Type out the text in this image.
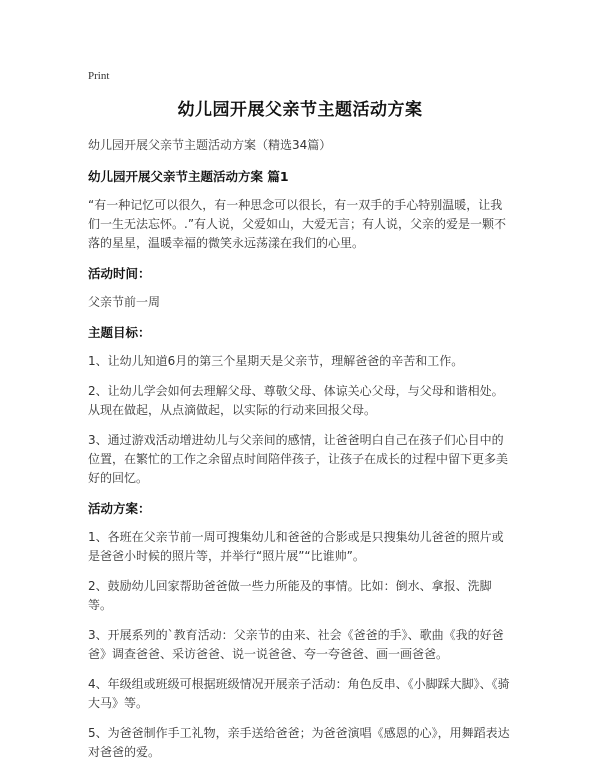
Print
幼儿园开展父亲节主题活动方案

幼儿园开展父亲节主题活动方案（精选34篇）

幼儿园开展父亲节主题活动方案 篇1

“有一种记忆可以很久，有一种思念可以很长，有一双手的手心特别温暖，让我们一生无法忘怀。.”有人说，父爱如山，大爱无言；有人说，父亲的爱是一颗不落的星星，温暖幸福的微笑永远荡漾在我们的心里。

活动时间：

父亲节前一周

主题目标：

1、让幼儿知道6月的第三个星期天是父亲节，理解爸爸的辛苦和工作。

2、让幼儿学会如何去理解父母、尊敬父母、体谅关心父母，与父母和谐相处。从现在做起，从点滴做起，以实际的行动来回报父母。

3、通过游戏活动增进幼儿与父亲间的感情，让爸爸明白自己在孩子们心目中的位置，在繁忙的工作之余留点时间陪伴孩子，让孩子在成长的过程中留下更多美好的回忆。

活动方案：

1、各班在父亲节前一周可搜集幼儿和爸爸的合影或是只搜集幼儿爸爸的照片或是爸爸小时候的照片等，并举行“照片展”“比谁帅”。

2、鼓励幼儿回家帮助爸爸做一些力所能及的事情。比如：倒水、拿报、洗脚等。

3、开展系列的`教育活动：父亲节的由来、社会《爸爸的手》、歌曲《我的好爸爸》调查爸爸、采访爸爸、说一说爸爸、夸一夸爸爸、画一画爸爸。

4、年级组或班级可根据班级情况开展亲子活动：角色反串、《小脚踩大脚》、《骑大马》等。

5、为爸爸制作手工礼物，亲手送给爸爸；为爸爸演唱《感恩的心》，用舞蹈表达对爸爸的爱。
